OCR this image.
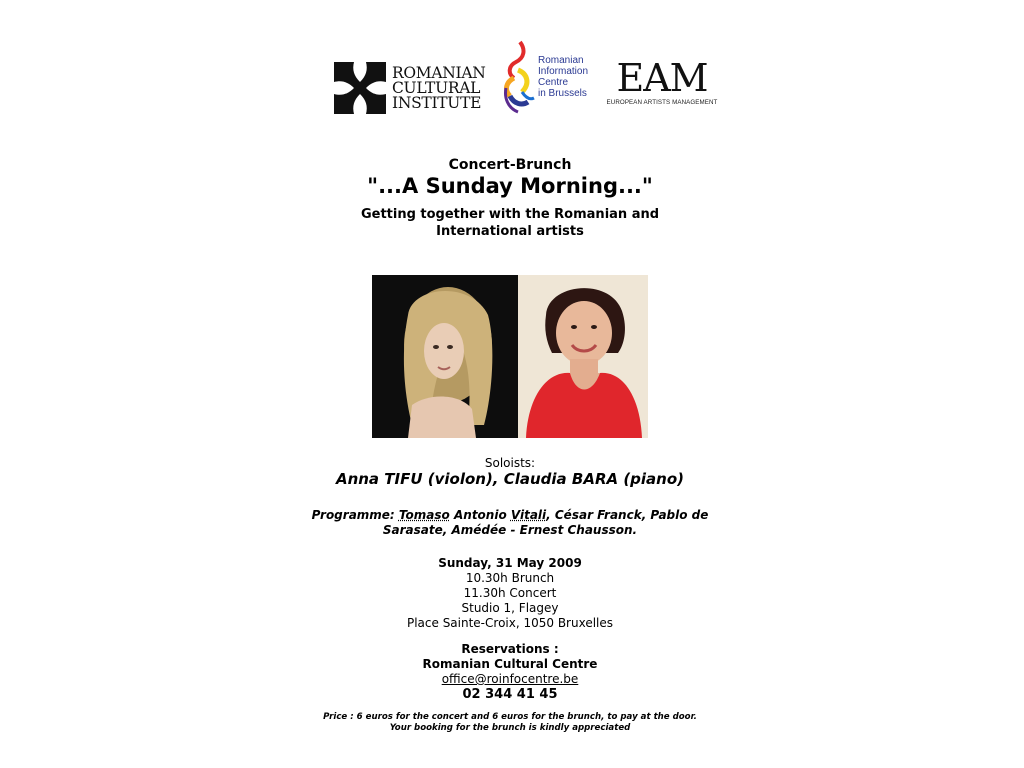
ROMANIAN
CULTURAL
INSTITUTE
Romanian
Information
Centre
in Brussels EAM
EUROPEAN ARTISTS MANAGEMENT
Concert-Brunch
"...A Sunday Morning..."
Getting together with the Romanian and
International artists
Soloists:
Anna TIFU (violon), Claudia BARA (piano)
Programme: Tomaso Antonio Vitali, César Franck, Pablo de
Sarasate, Amédée - Ernest Chausson.
Sunday, 31 May 2009
10.30h Brunch
11.30h Concert
Studio 1, Flagey
Place Sainte-Croix, 1050 Bruxelles
Reservations :
Romanian Cultural Centre
office@roinfocentre.be
02 344 41 45
Price : 6 euros for the concert and 6 euros for the brunch, to pay at the door.
Your booking for the brunch is kindly appreciated
